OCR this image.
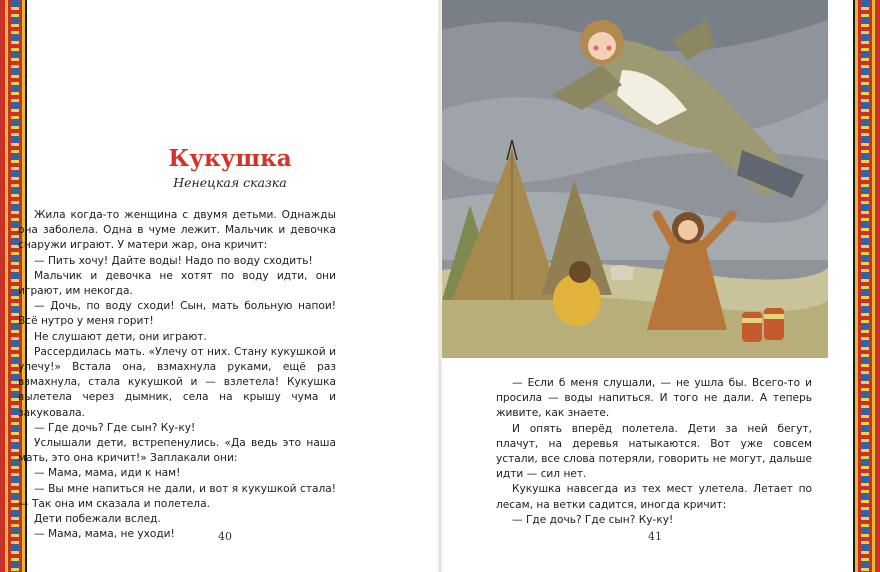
Кукушка
Ненецкая сказка

Жила когда-то женщина с двумя детьми. Однажды она заболела. Одна в чуме лежит. Мальчик и девочка снаружи играют. У матери жар, она кричит:

— Пить хочу! Дайте воды! Надо по воду сходить!

Мальчик и девочка не хотят по воду идти, они играют, им некогда.

— Дочь, по воду сходи! Сын, мать больную напои! Всё нутро у меня горит!

Не слушают дети, они играют.

Рассердилась мать. «Улечу от них. Стану кукушкой и улечу!» Встала она, взмахнула руками, ещё раз взмахнула, стала кукушкой и — взлетела! Кукушка вылетела через дымник, села на крышу чума и закуковала.

— Где дочь? Где сын? Ку-ку!

Услышали дети, встрепенулись. «Да ведь это наша мать, это она кричит!» Заплакали они:

— Мама, мама, иди к нам!

— Вы мне напиться не дали, и вот я кукушкой стала! — Так она им сказала и полетела.

Дети побежали вслед.

— Мама, мама, не уходи!	40

— Если б меня слушали, — не ушла бы. Всего-то и просила — воды напиться. И того не дали. А теперь живите, как знаете.

И опять вперёд полетела. Дети за ней бегут, плачут, на деревья натыкаются. Вот уже совсем устали, все слова потеряли, говорить не могут, дальше идти — сил нет.

Кукушка навсегда из тех мест улетела. Летает по лесам, на ветки садится, иногда кричит:

— Где дочь? Где сын? Ку-ку!

41
